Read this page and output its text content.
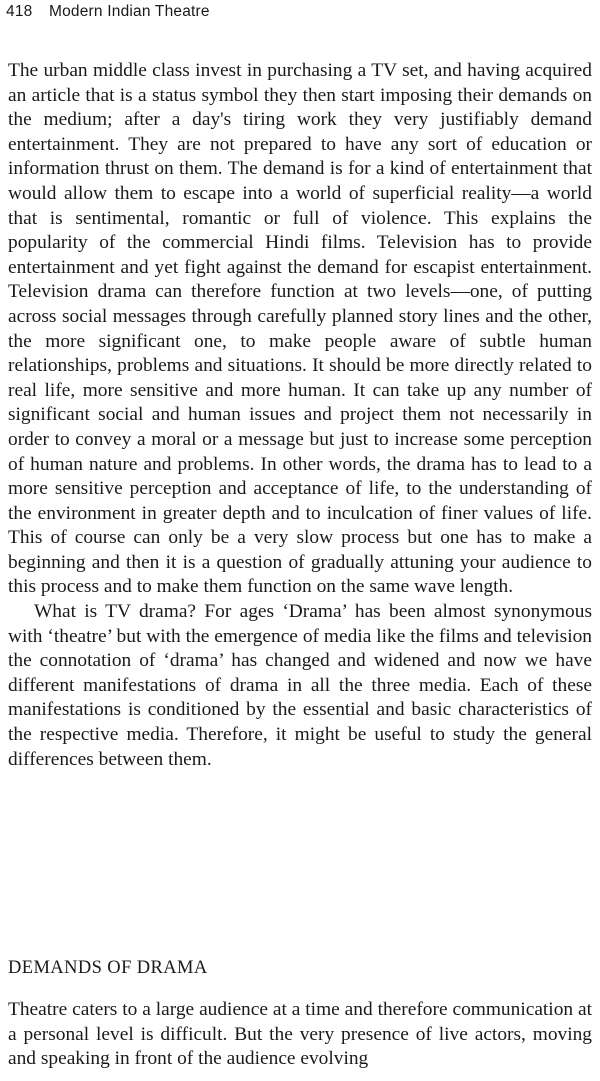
418 Modern Indian Theatre

The urban middle class invest in purchasing a TV set, and having acquired an article that is a status symbol they then start imposing their demands on the medium; after a day's tiring work they very justifiably demand entertainment. They are not prepared to have any sort of education or information thrust on them. The demand is for a kind of entertainment that would allow them to escape into a world of superficial reality—a world that is sentimental, romantic or full of violence. This explains the popularity of the commercial Hindi films. Television has to provide entertainment and yet fight against the demand for escapist entertainment. Television drama can therefore function at two levels—one, of putting across social messages through carefully planned story lines and the other, the more significant one, to make people aware of subtle human relationships, problems and situations. It should be more directly related to real life, more sensitive and more human. It can take up any number of significant social and human issues and project them not necessarily in order to convey a moral or a message but just to increase some perception of human nature and problems. In other words, the drama has to lead to a more sensitive perception and acceptance of life, to the understanding of the environment in greater depth and to inculcation of finer values of life. This of course can only be a very slow process but one has to make a beginning and then it is a question of gradually attuning your audience to this process and to make them function on the same wave length.

What is TV drama? For ages ‘Drama’ has been almost synonymous with ‘theatre’ but with the emergence of media like the films and television the connotation of ‘drama’ has changed and widened and now we have different manifestations of drama in all the three media. Each of these manifestations is conditioned by the essential and basic characteristics of the respective media. Therefore, it might be useful to study the general differences between them.

DEMANDS OF DRAMA

Theatre caters to a large audience at a time and therefore communication at a personal level is difficult. But the very presence of live actors, moving and speaking in front of the audience evolving
